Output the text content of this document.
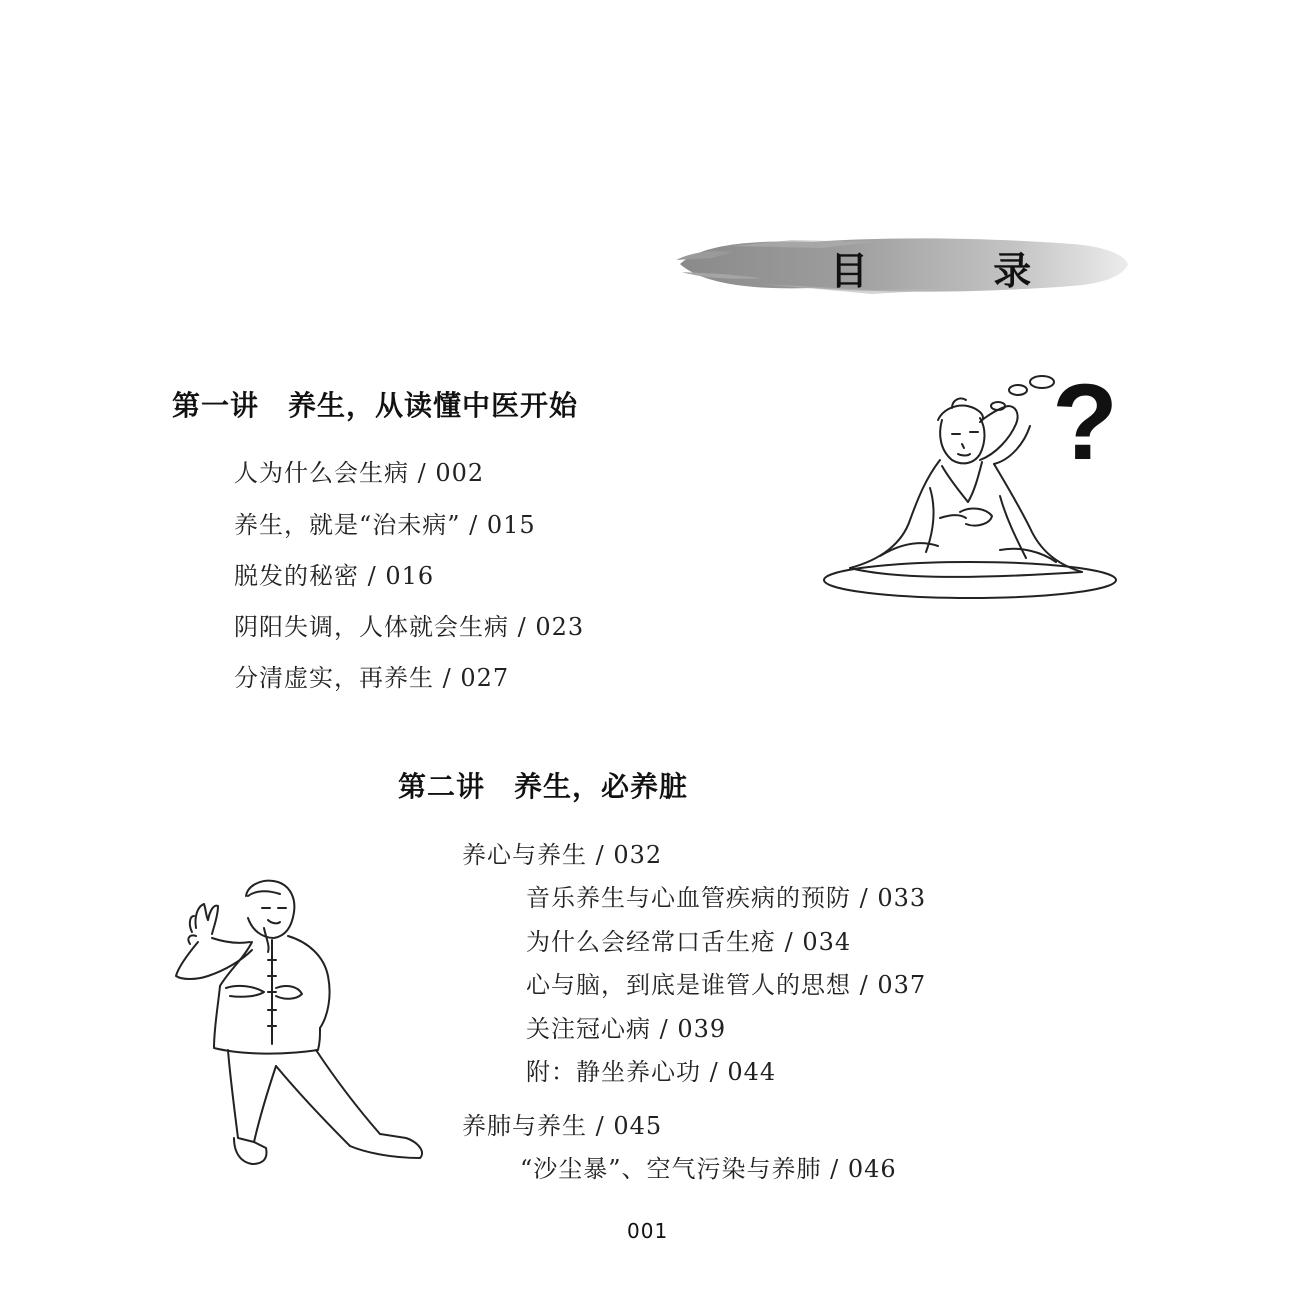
目 录
第一讲　养生，从读懂中医开始
人为什么会生病 / 002
养生，就是“治未病” / 015
脱发的秘密 / 016
阴阳失调，人体就会生病 / 023
分清虚实，再养生 / 027
?
第二讲　养生，必养脏
养心与养生 / 032
音乐养生与心血管疾病的预防 / 033
为什么会经常口舌生疮 / 034
心与脑，到底是谁管人的思想 / 037
关注冠心病 / 039
附：静坐养心功 / 044
养肺与养生 / 045
“沙尘暴”、空气污染与养肺 / 046
001
